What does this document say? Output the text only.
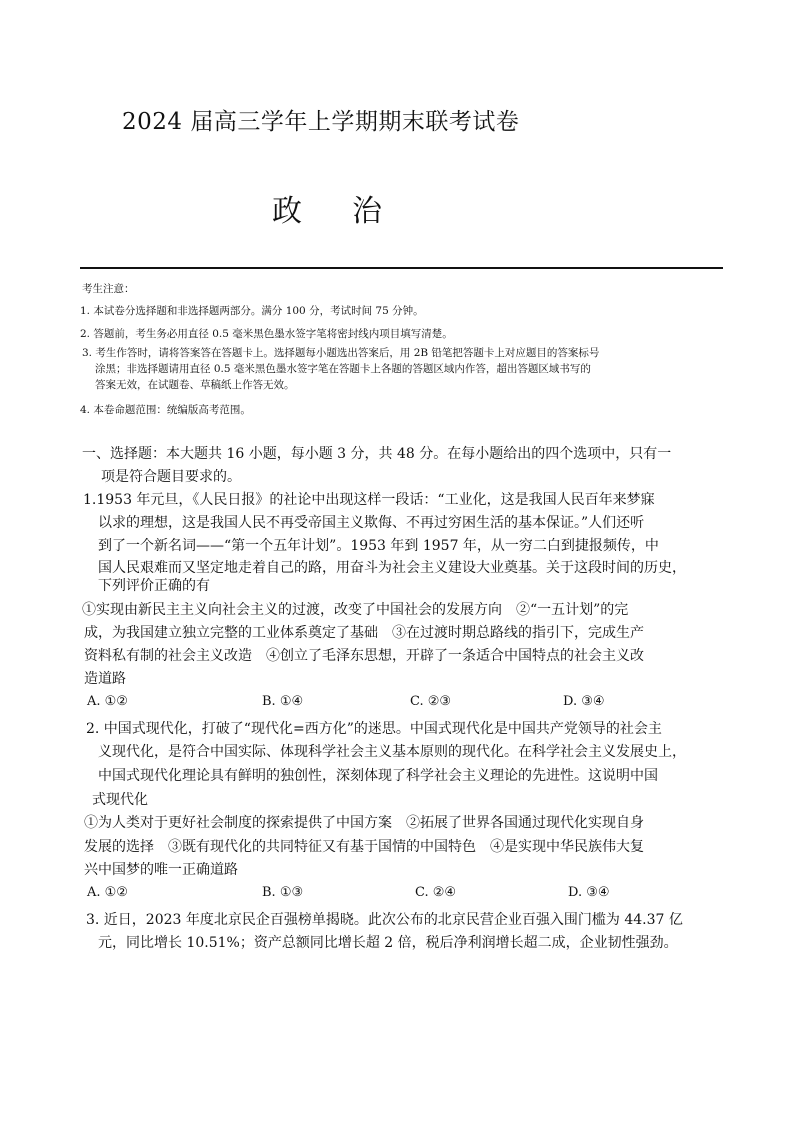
2024 届高三学年上学期期末联考试卷
政 治
考生注意：
1. 本试卷分选择题和非选择题两部分。满分 100 分，考试时间 75 分钟。
2. 答题前，考生务必用直径 0.5 毫米黑色墨水签字笔将密封线内项目填写清楚。
3. 考生作答时，请将答案答在答题卡上。选择题每小题选出答案后，用 2B 铅笔把答题卡上对应题目的答案标号
涂黑；非选择题请用直径 0.5 毫米黑色墨水签字笔在答题卡上各题的答题区域内作答，超出答题区域书写的
答案无效，在试题卷、草稿纸上作答无效。
4. 本卷命题范围：统编版高考范围。
一、选择题：本大题共 16 小题，每小题 3 分，共 48 分。在每小题给出的四个选项中，只有一
项是符合题目要求的。
1.1953 年元旦，《人民日报》的社论中出现这样一段话：“工业化，这是我国人民百年来梦寐
以求的理想，这是我国人民不再受帝国主义欺侮、不再过穷困生活的基本保证。”人们还听
到了一个新名词——“第一个五年计划”。1953 年到 1957 年，从一穷二白到捷报频传，中
国人民艰难而又坚定地走着自己的路，用奋斗为社会主义建设大业奠基。关于这段时间的历史，
下列评价正确的有
①实现由新民主主义向社会主义的过渡，改变了中国社会的发展方向　②“一五计划”的完
成，为我国建立独立完整的工业体系奠定了基础　③在过渡时期总路线的指引下，完成生产
资料私有制的社会主义改造　④创立了毛泽东思想，开辟了一条适合中国特点的社会主义改
造道路
A. ①②	B. ①④	C. ②③	D. ③④
2. 中国式现代化，打破了“现代化=西方化”的迷思。中国式现代化是中国共产党领导的社会主
义现代化，是符合中国实际、体现科学社会主义基本原则的现代化。在科学社会主义发展史上，
中国式现代化理论具有鲜明的独创性，深刻体现了科学社会主义理论的先进性。这说明中国
式现代化
①为人类对于更好社会制度的探索提供了中国方案　②拓展了世界各国通过现代化实现自身
发展的选择　③既有现代化的共同特征又有基于国情的中国特色　④是实现中华民族伟大复
兴中国梦的唯一正确道路
A. ①②	B. ①③	C. ②④	D. ③④
3. 近日，2023 年度北京民企百强榜单揭晓。此次公布的北京民营企业百强入围门槛为 44.37 亿
元，同比增长 10.51%；资产总额同比增长超 2 倍，税后净利润增长超二成，企业韧性强劲。
